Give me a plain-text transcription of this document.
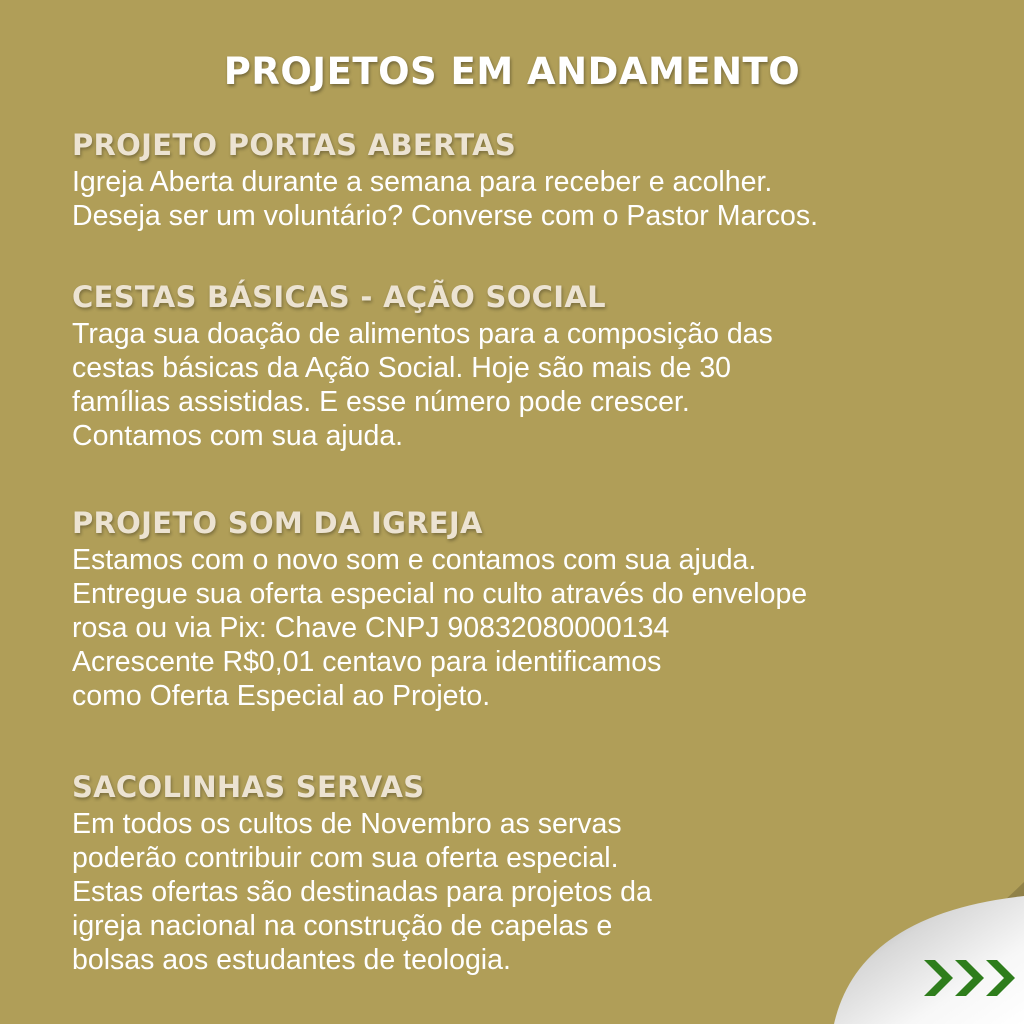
PROJETOS EM ANDAMENTO
PROJETO PORTAS ABERTAS
Igreja Aberta durante a semana para receber e acolher.
Deseja ser um voluntário? Converse com o Pastor Marcos.
CESTAS BÁSICAS - AÇÃO SOCIAL
Traga sua doação de alimentos para a composição das
cestas básicas da Ação Social. Hoje são mais de 30
famílias assistidas. E esse número pode crescer.
Contamos com sua ajuda.
PROJETO SOM DA IGREJA
Estamos com o novo som e contamos com sua ajuda.
Entregue sua oferta especial no culto através do envelope
rosa ou via Pix: Chave CNPJ 90832080000134
Acrescente R$0,01 centavo para identificamos
como Oferta Especial ao Projeto.
SACOLINHAS SERVAS
Em todos os cultos de Novembro as servas
poderão contribuir com sua oferta especial.
Estas ofertas são destinadas para projetos da
igreja nacional na construção de capelas e
bolsas aos estudantes de teologia.
